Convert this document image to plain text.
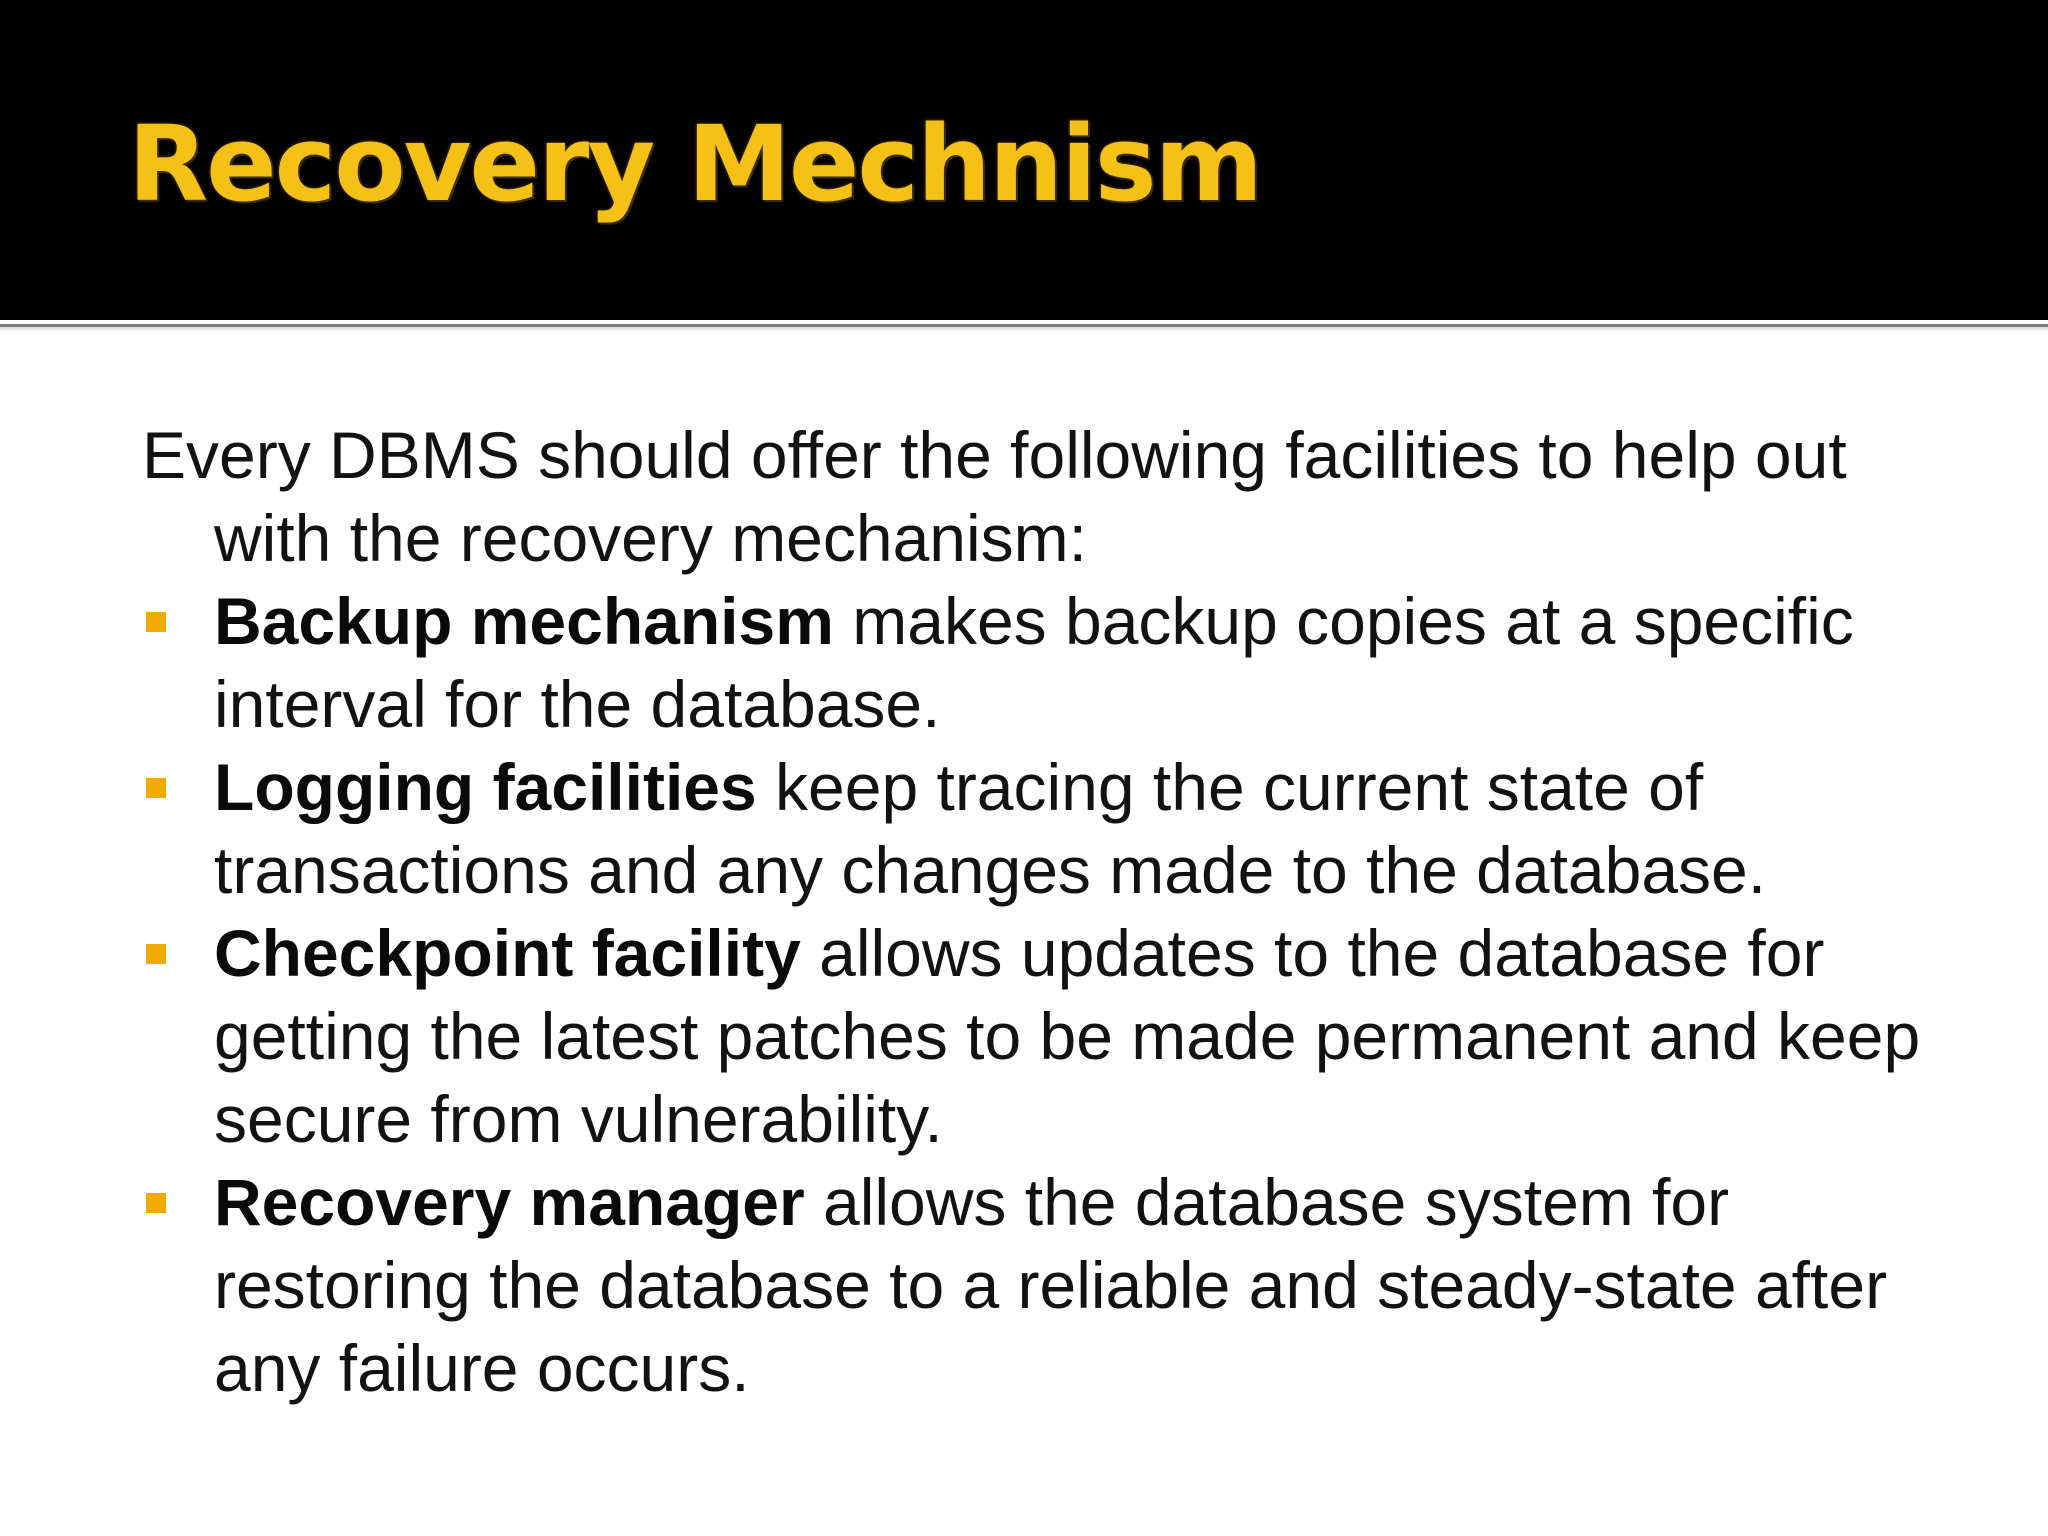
Recovery Mechnism

Every DBMS should offer the following facilities to help out with the recovery mechanism:

Backup mechanism makes backup copies at a specific interval for the database.
Logging facilities keep tracing the current state of transactions and any changes made to the database.
Checkpoint facility allows updates to the database for getting the latest patches to be made permanent and keep secure from vulnerability.
Recovery manager allows the database system for restoring the database to a reliable and steady-state after any failure occurs.
